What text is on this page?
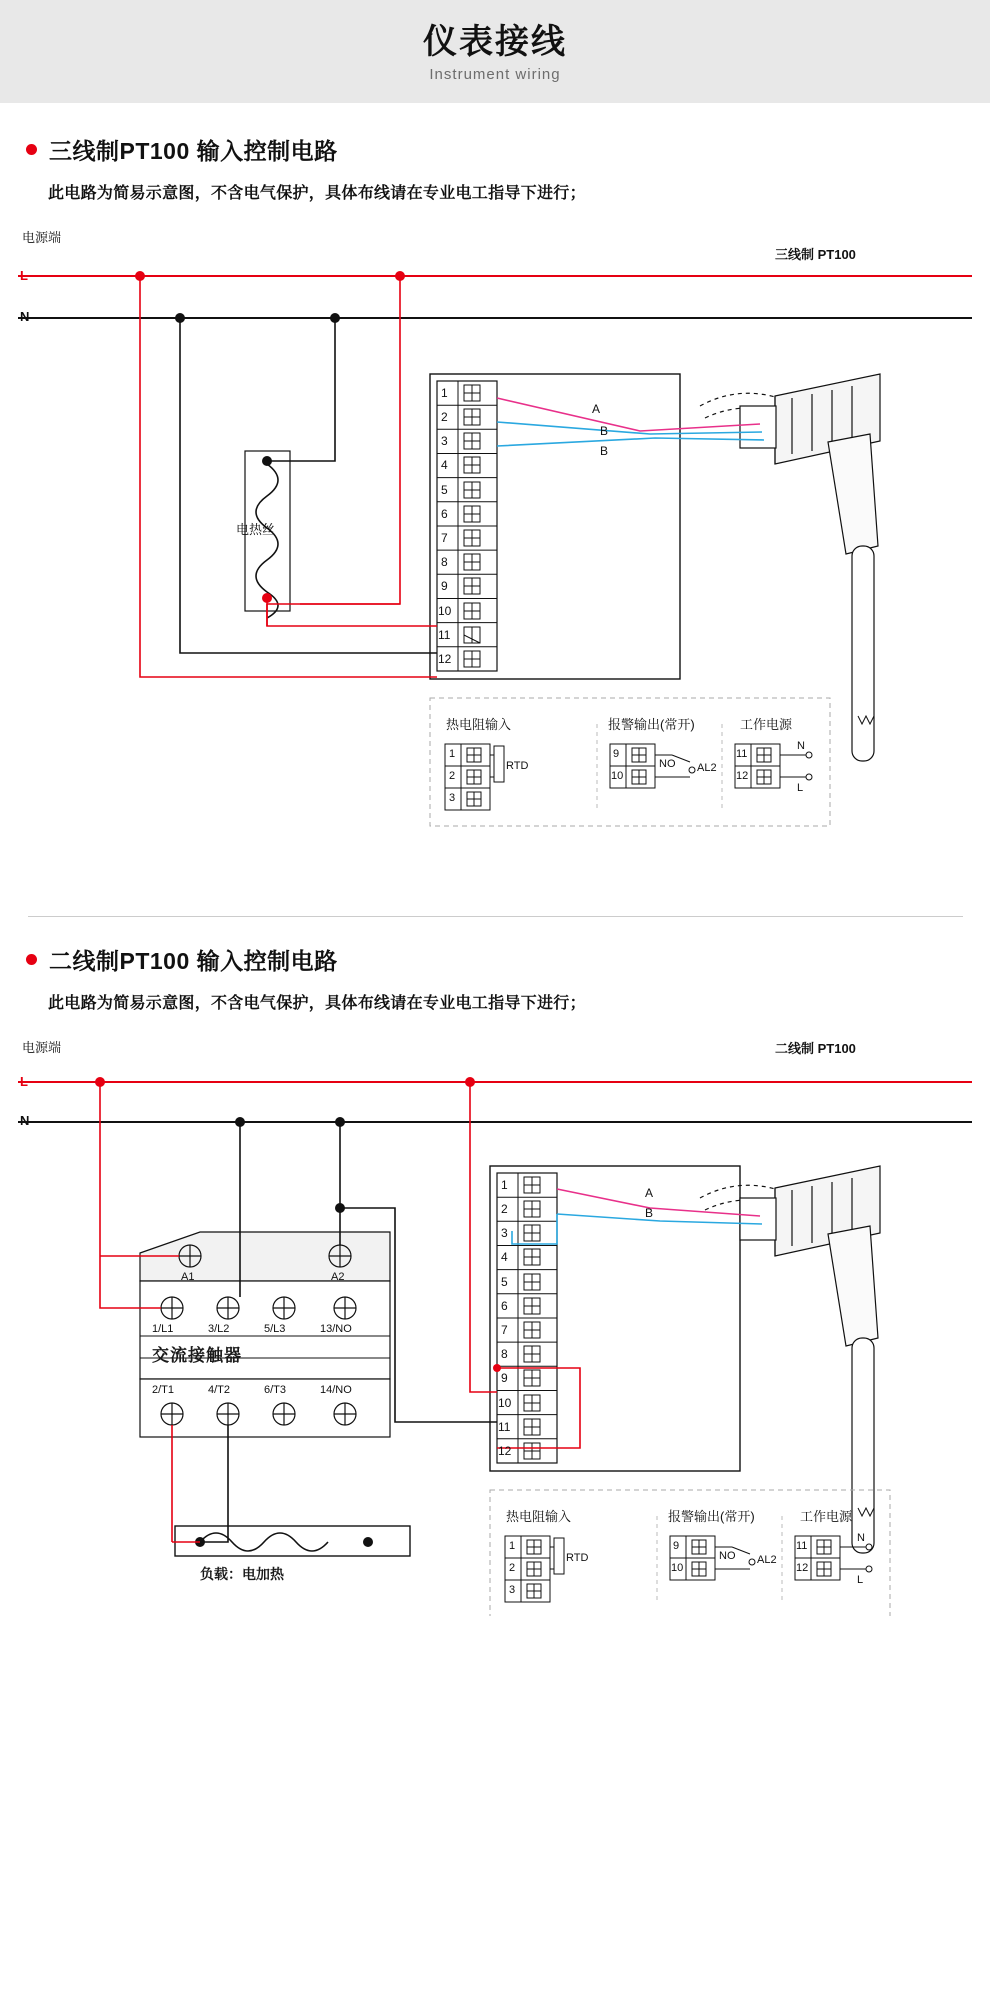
仪表接线
Instrument wiring
三线制PT100 输入控制电路
此电路为简易示意图，不含电气保护，具体布线请在专业电工指导下进行；
电源端
L
N
电热丝
三线制 PT100
A
B
B
1
2
3
4
5
6
7
8
9
10
11
12
热电阻输入	报警输出(常开)	工作电源
1
2
3
RTD
9
10
NO AL2
11
12
N
L
二线制PT100 输入控制电路
此电路为简易示意图，不含电气保护，具体布线请在专业电工指导下进行；
电源端
L
N
二线制 PT100
A
B
A1	A2
1/L1	3/L2	5/L3	13/NO
交流接触器
2/T1	4/T2	6/T3	14/NO
负载：电加热
1
2
3
4
5
6
7
8
9
10
11
12
热电阻输入	报警输出(常开)	工作电源
1
2
3
RTD
9
10
NO AL2
11
12
N
L
